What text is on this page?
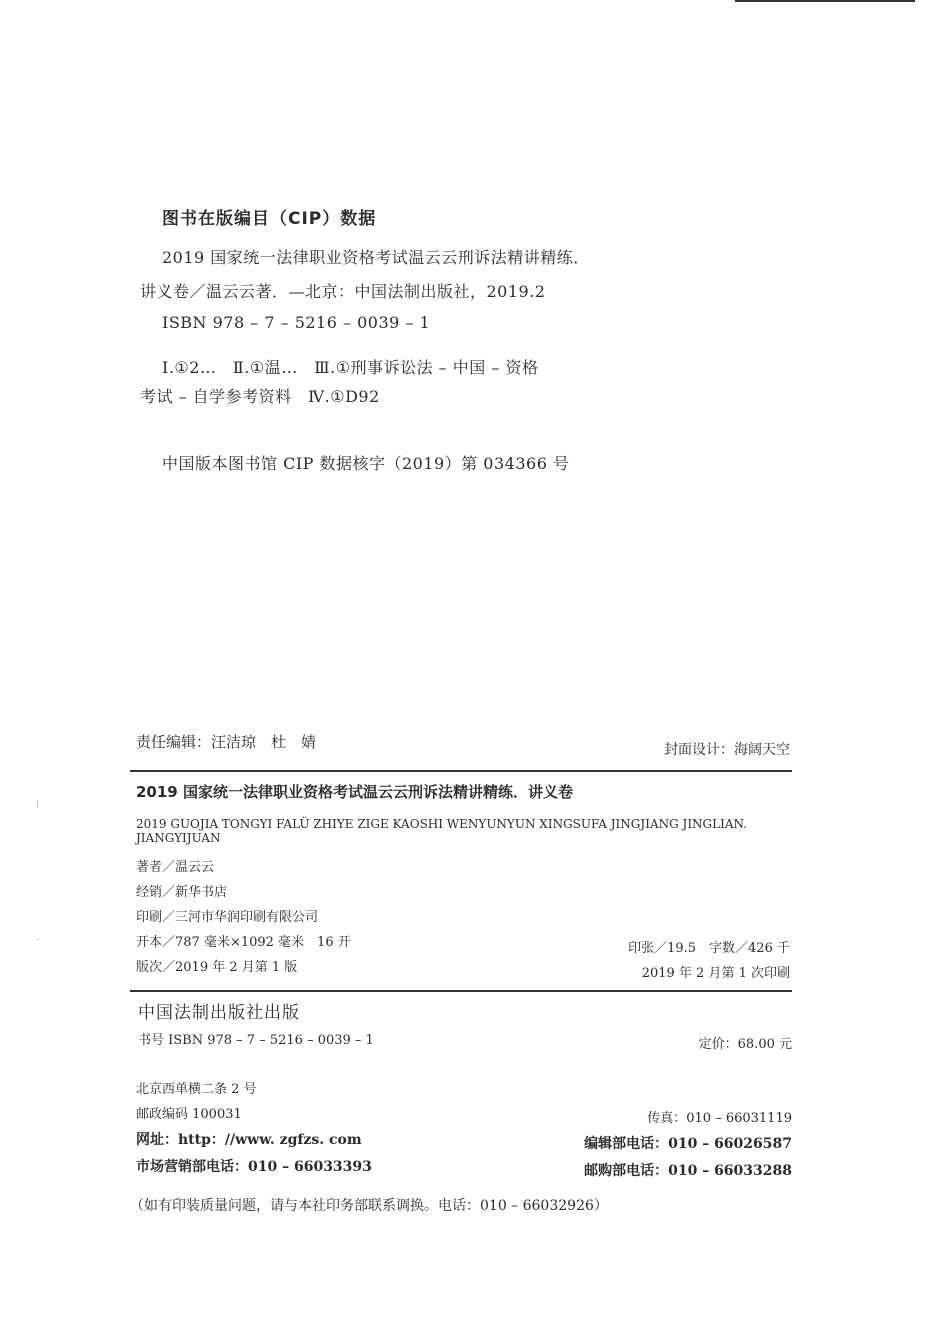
图书在版编目（CIP）数据
2019 国家统一法律职业资格考试温云云刑诉法精讲精练．
讲义卷／温云云著．—北京：中国法制出版社，2019.2
ISBN 978 – 7 – 5216 – 0039 – 1
Ⅰ.①2…　Ⅱ.①温…　Ⅲ.①刑事诉讼法 – 中国 – 资格
考试 – 自学参考资料　Ⅳ.①D92
中国版本图书馆 CIP 数据核字（2019）第 034366 号
责任编辑：汪洁琼　杜　婧	封面设计：海阔天空
2019 国家统一法律职业资格考试温云云刑诉法精讲精练．讲义卷
2019 GUOJIA TONGYI FALÜ ZHIYE ZIGE KAOSHI WENYUNYUN XINGSUFA JINGJIANG JINGLIAN.
JIANGYIJUAN
著者／温云云
经销／新华书店
印刷／三河市华润印刷有限公司
开本／787 毫米×1092 毫米　16 开	印张／19.5　字数／426 千
版次／2019 年 2 月第 1 版	2019 年 2 月第 1 次印刷
中国法制出版社出版
书号 ISBN 978 – 7 – 5216 – 0039 – 1	定价：68.00 元
北京西单横二条 2 号
邮政编码 100031	传真：010 – 66031119
网址：http：//www. zgfzs. com	编辑部电话：010 – 66026587
市场营销部电话：010 – 66033393	邮购部电话：010 – 66033288
（如有印装质量问题，请与本社印务部联系调换。电话：010 – 66032926）
⁞
·
